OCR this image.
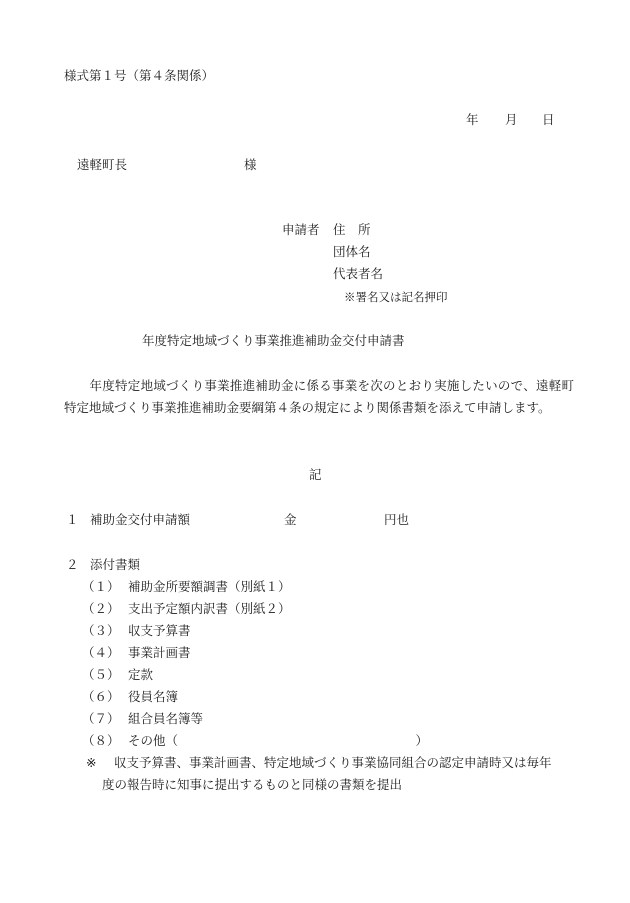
様式第１号（第４条関係）
年 月 日
遠軽町長	様
申請者 住　所
団体名
代表者名
※署名又は記名押印
年度特定地域づくり事業推進補助金交付申請書
　　年度特定地域づくり事業推進補助金に係る事業を次のとおり実施したいので、遠軽町特定地域づくり事業推進補助金要綱第４条の規定により関係書類を添えて申請します。
記
１ 補助金交付申請額	金	円也
２ 添付書類
（１） 補助金所要額調書（別紙１）
（２） 支出予定額内訳書（別紙２）
（３） 収支予算書
（４） 事業計画書
（５） 定款
（６） 役員名簿
（７） 組合員名簿等
（８） その他（　　　　　　　　　　　　　　　　　　　）
※ 収支予算書、事業計画書、特定地域づくり事業協同組合の認定申請時又は毎年
度の報告時に知事に提出するものと同様の書類を提出
